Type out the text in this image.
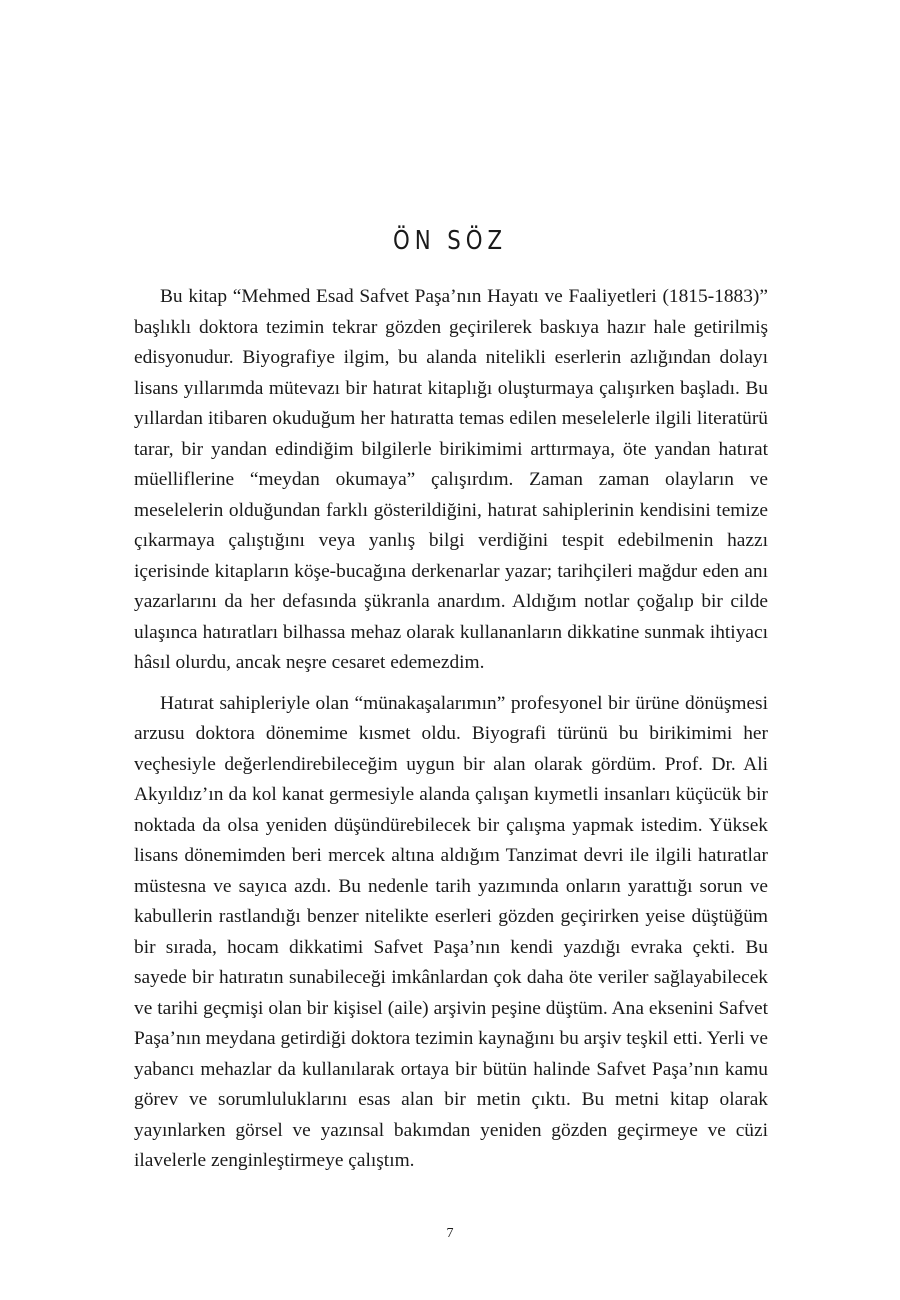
ÖN SÖZ

Bu kitap “Mehmed Esad Safvet Paşa’nın Hayatı ve Faaliyetleri (1815-1883)” başlıklı doktora tezimin tekrar gözden geçirilerek baskıya hazır hale getirilmiş edisyonudur. Biyografiye ilgim, bu alanda nitelikli eserlerin azlığından dolayı lisans yıllarımda mütevazı bir hatırat kitaplığı oluşturmaya çalışırken başladı. Bu yıllardan itibaren okuduğum her hatıratta temas edilen meselelerle ilgili literatürü tarar, bir yandan edindiğim bilgilerle birikimimi arttırmaya, öte yandan hatırat müelliflerine “meydan okumaya” çalışırdım. Zaman zaman olayların ve meselelerin olduğundan farklı gösterildiğini, hatırat sahiplerinin kendisini temize çıkarmaya çalıştığını veya yanlış bilgi verdiğini tespit edebilmenin hazzı içerisinde kitapların köşe-bucağına derkenarlar yazar; tarihçileri mağdur eden anı yazarlarını da her defasında şükranla anardım. Aldığım notlar çoğalıp bir cilde ulaşınca hatıratları bilhassa mehaz olarak kullananların dikkatine sunmak ihtiyacı hâsıl olurdu, ancak neşre cesaret edemezdim.

Hatırat sahipleriyle olan “münakaşalarımın” profesyonel bir ürüne dönüşmesi arzusu doktora dönemime kısmet oldu. Biyografi türünü bu birikimimi her veçhesiyle değerlendirebileceğim uygun bir alan olarak gördüm. Prof. Dr. Ali Akyıldız’ın da kol kanat germesiyle alanda çalışan kıymetli insanları küçücük bir noktada da olsa yeniden düşündürebilecek bir çalışma yapmak istedim. Yüksek lisans dönemimden beri mercek altına aldığım Tanzimat devri ile ilgili hatıratlar müstesna ve sayıca azdı. Bu nedenle tarih yazımında onların yarattığı sorun ve kabullerin rastlandığı benzer nitelikte eserleri gözden geçirirken yeise düştüğüm bir sırada, hocam dikkatimi Safvet Paşa’nın kendi yazdığı evraka çekti. Bu sayede bir hatıratın sunabileceği imkânlardan çok daha öte veriler sağlayabilecek ve tarihi geçmişi olan bir kişisel (aile) arşivin peşine düştüm. Ana eksenini Safvet Paşa’nın meydana getirdiği doktora tezimin kaynağını bu arşiv teşkil etti. Yerli ve yabancı mehazlar da kullanılarak ortaya bir bütün halinde Safvet Paşa’nın kamu görev ve sorumluluklarını esas alan bir metin çıktı. Bu metni kitap olarak yayınlarken görsel ve yazınsal bakımdan yeniden gözden geçirmeye ve cüzi ilavelerle zenginleştirmeye çalıştım.

7
